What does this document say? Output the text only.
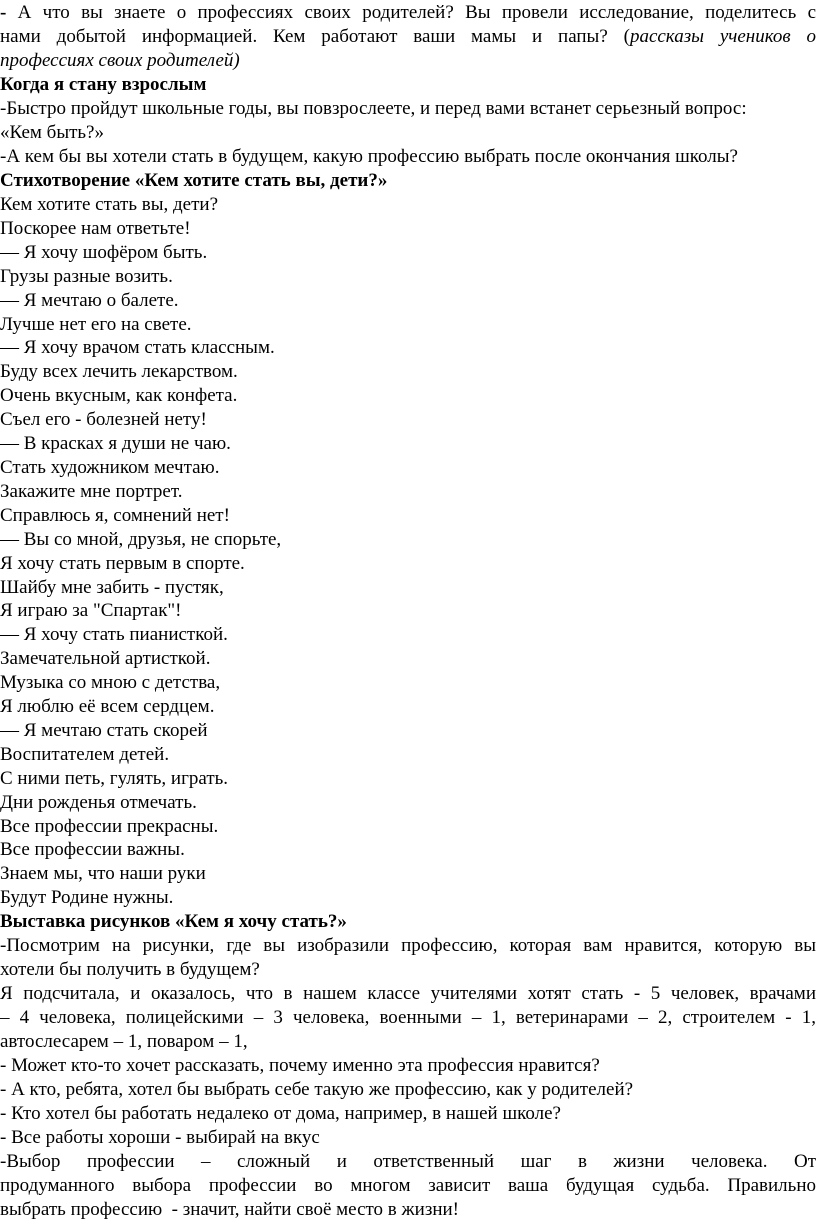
- А что вы знаете о профессиях своих родителей? Вы провели исследование, поделитесь с

нами добытой информацией. Кем работают ваши мамы и папы? (рассказы учеников о

профессиях своих родителей)

Когда я стану взрослым

-Быстро пройдут школьные годы, вы повзрослеете, и перед вами встанет серьезный вопрос:

«Кем быть?»

-А кем бы вы хотели стать в будущем, какую профессию выбрать после окончания школы?

Стихотворение «Кем хотите стать вы, дети?»

Кем хотите стать вы, дети?
Поскорее нам ответьте!
— Я хочу шофёром быть.
Грузы разные возить.
— Я мечтаю о балете.
Лучше нет его на свете.
— Я хочу врачом стать классным.
Буду всех лечить лекарством.
Очень вкусным, как конфета.
Съел его - болезней нету!
— В красках я души не чаю.
Стать художником мечтаю.
Закажите мне портрет.
Справлюсь я, сомнений нет!
— Вы со мной, друзья, не спорьте,
Я хочу стать первым в спорте.
Шайбу мне забить - пустяк,
Я играю за "Спартак"!
— Я хочу стать пианисткой.
Замечательной артисткой.
Музыка со мною с детства,
Я люблю её всем сердцем.
— Я мечтаю стать скорей
Воспитателем детей.
С ними петь, гулять, играть.
Дни рожденья отмечать.
Все профессии прекрасны.
Все профессии важны.
Знаем мы, что наши руки
Будут Родине нужны.

Выставка рисунков «Кем я хочу стать?»

-Посмотрим на рисунки, где вы изобразили профессию, которая вам нравится, которую вы

хотели бы получить в будущем?

Я подсчитала, и оказалось, что в нашем классе учителями хотят стать - 5 человек, врачами

– 4 человека, полицейскими – 3 человека, военными – 1, ветеринарами – 2, строителем - 1,

автослесарем – 1, поваром – 1,

- Может кто-то хочет рассказать, почему именно эта профессия нравится?

- А кто, ребята, хотел бы выбрать себе такую же профессию, как у родителей?

- Кто хотел бы работать недалеко от дома, например, в нашей школе?

- Все работы хороши - выбирай на вкус

-Выбор профессии – сложный и ответственный шаг в жизни человека. От

продуманного выбора профессии во многом зависит ваша будущая судьба. Правильно

выбрать профессию  - значит, найти своё место в жизни!
